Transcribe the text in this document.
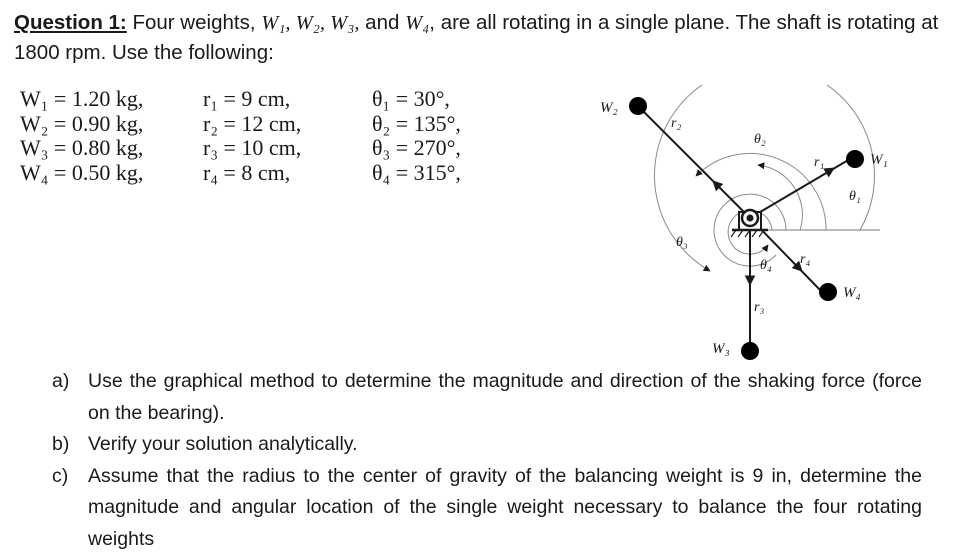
Question 1: Four weights, W₁, W₂, W₃, and W₄, are all rotating in a single plane. The shaft is rotating at 1800 rpm. Use the following:
W₁ = 1.20 kg,
W₂ = 0.90 kg,
W₃ = 0.80 kg,
W₄ = 0.50 kg,
r₁ = 9 cm,
r₂ = 12 cm,
r₃ = 10 cm,
r₄ = 8 cm,
θ₁ = 30°,
θ₂ = 135°,
θ₃ = 270°,
θ₄ = 315°,
W₂
W₁
W₄
W₃
r₂
r₁
r₄
r₃
θ₂
θ₁
θ₃
θ₄
a) Use the graphical method to determine the magnitude and direction of the shaking force (force on the bearing).
b) Verify your solution analytically.
c)	Assume that the radius to the center of gravity of the balancing weight is 9 in, determine the magnitude and angular location of the single weight necessary to balance the four rotating weights
